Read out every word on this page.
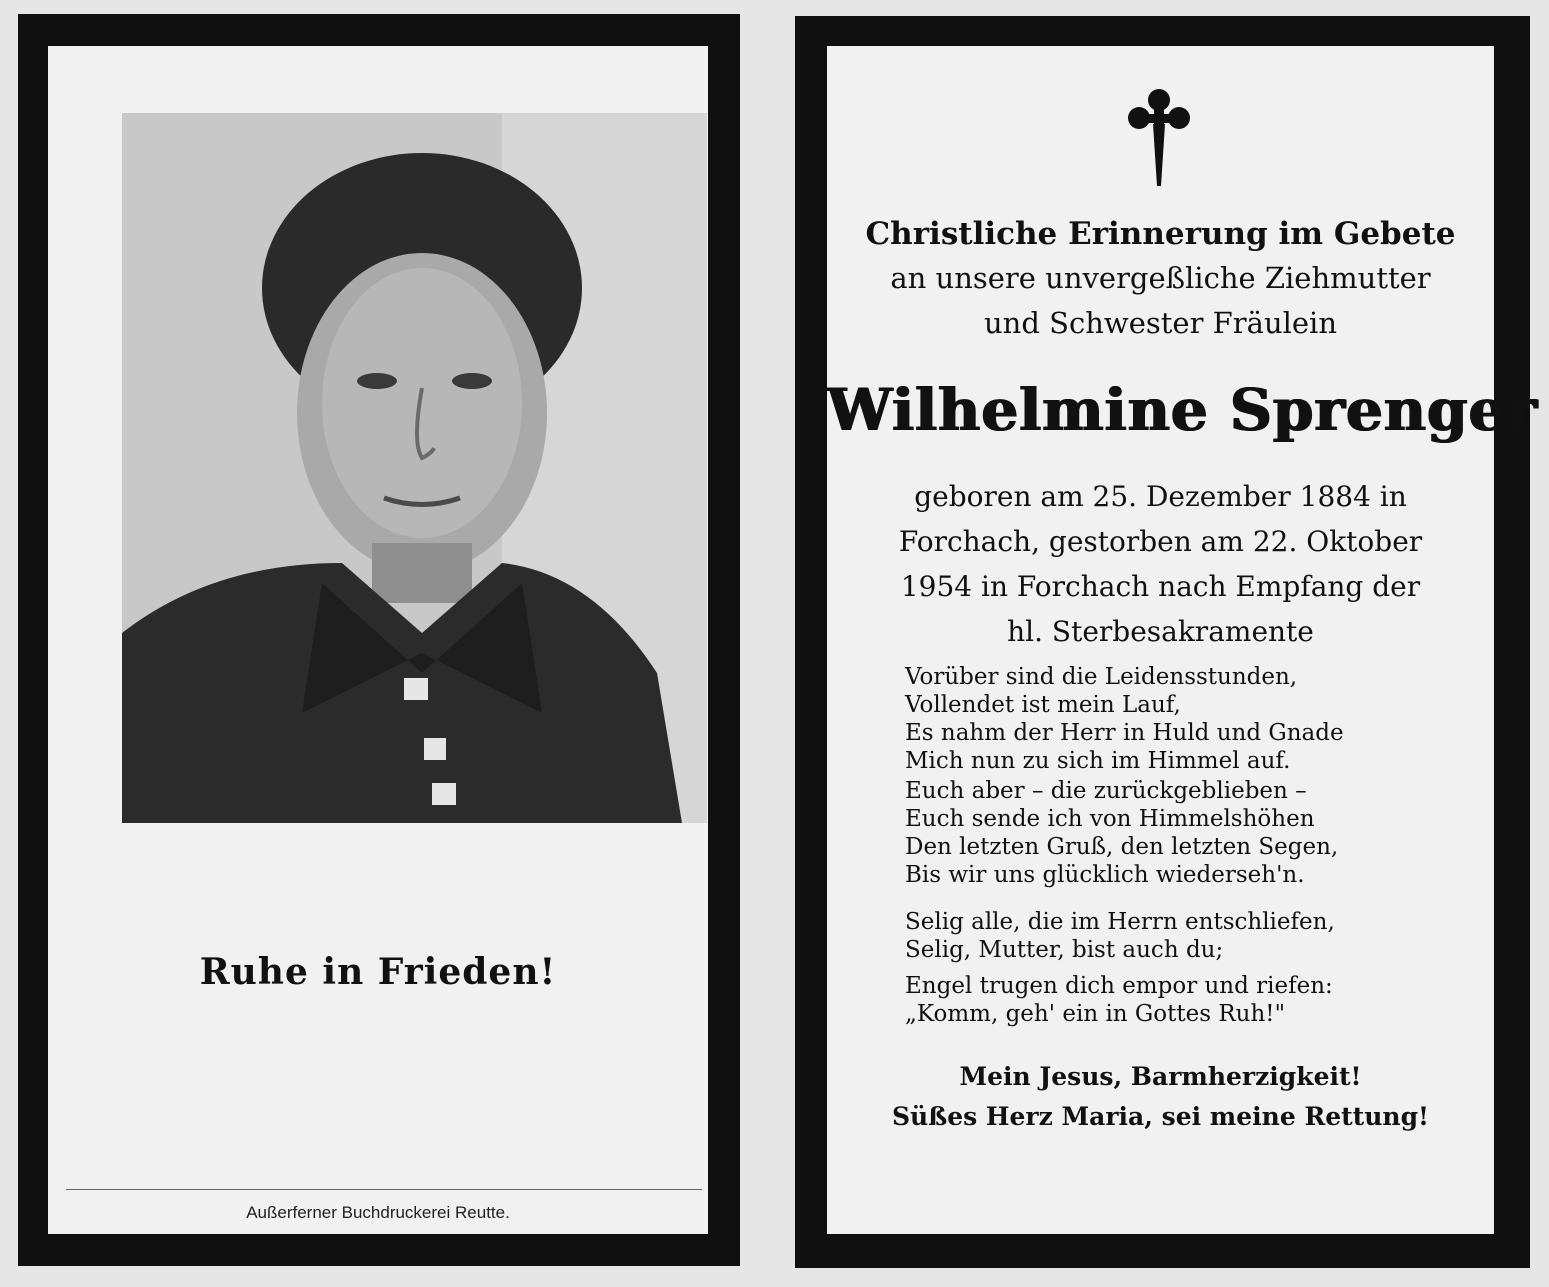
Ruhe in Frieden!
Außerferner Buchdruckerei Reutte.
Christliche Erinnerung im Gebete
an unsere unvergeßliche Ziehmutter
und Schwester Fräulein
Wilhelmine Sprenger
geboren am 25. Dezember 1884 in
Forchach, gestorben am 22. Oktober
1954 in Forchach nach Empfang der
hl. Sterbesakramente
Vorüber sind die Leidensstunden,
Vollendet ist mein Lauf,
Es nahm der Herr in Huld und Gnade
Mich nun zu sich im Himmel auf.
Euch aber – die zurückgeblieben –
Euch sende ich von Himmelshöhen
Den letzten Gruß, den letzten Segen,
Bis wir uns glücklich wiederseh'n.
Selig alle, die im Herrn entschliefen,
Selig, Mutter, bist auch du;
Engel trugen dich empor und riefen:
„Komm, geh' ein in Gottes Ruh!"
Mein Jesus, Barmherzigkeit!
Süßes Herz Maria, sei meine Rettung!
